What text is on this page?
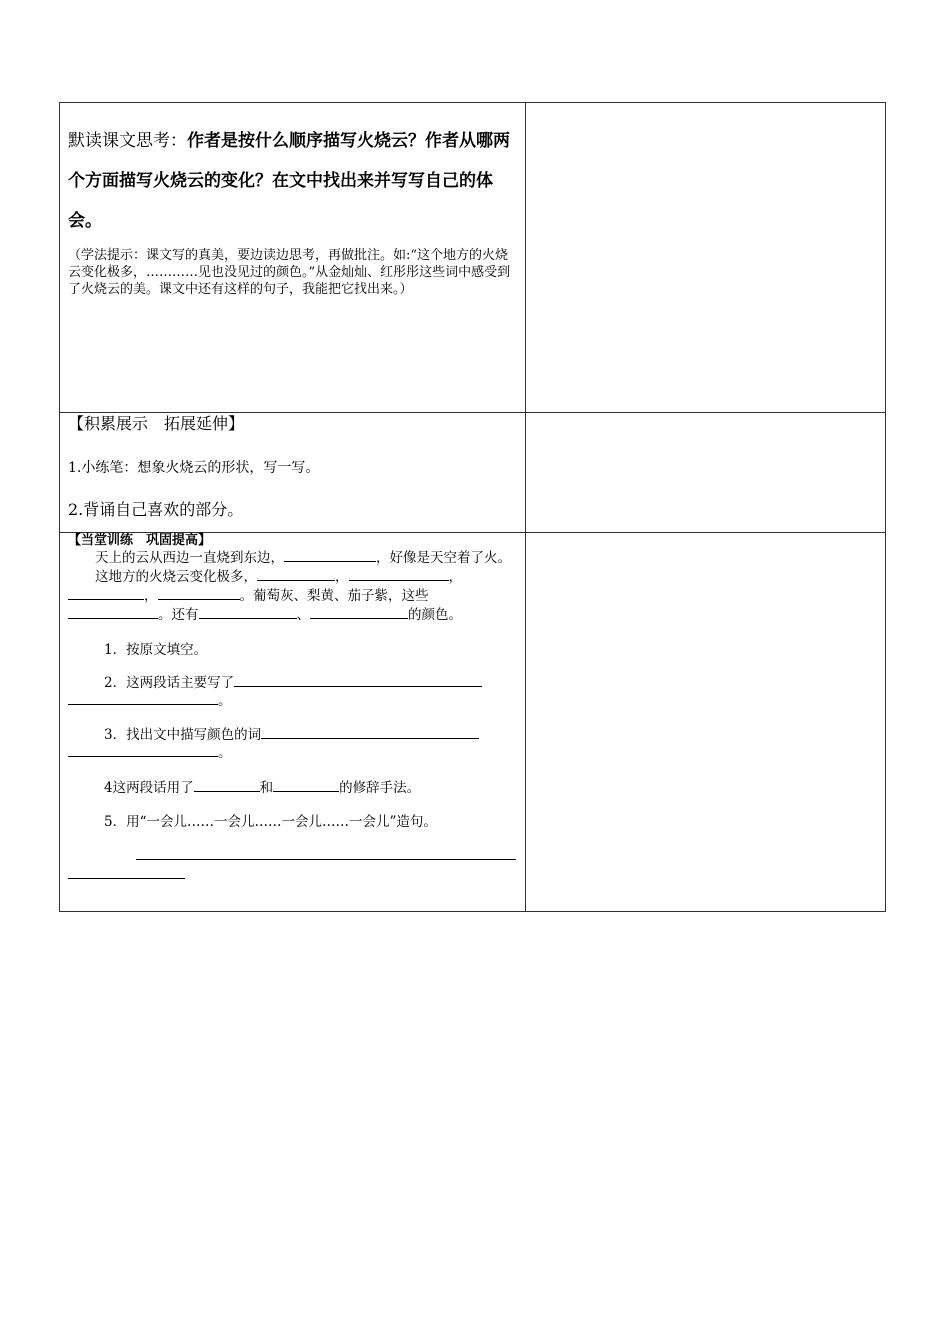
默读课文思考：作者是按什么顺序描写火烧云？作者从哪两个方面描写火烧云的变化？在文中找出来并写写自己的体会。
（学法提示：课文写的真美，要边读边思考，再做批注。如:“这个地方的火烧云变化极多，…………见也没见过的颜色。”从金灿灿、红彤彤这些词中感受到了火烧云的美。课文中还有这样的句子，我能把它找出来。）
【积累展示　拓展延伸】
1.小练笔：想象火烧云的形状，写一写。
2.背诵自己喜欢的部分。
【当堂训练　巩固提高】
天上的云从西边一直烧到东边，	，好像是天空着了火。
这地方的火烧云变化极多，	，	，，	。葡萄灰、梨黄、茄子紫，这些。还有	、	的颜色。
1．按原文填空。
2．这两段话主要写了
。
3．找出文中描写颜色的词
。
4这两段话用了	和	的修辞手法。
5．用“一会儿……一会儿……一会儿……一会儿”造句。
